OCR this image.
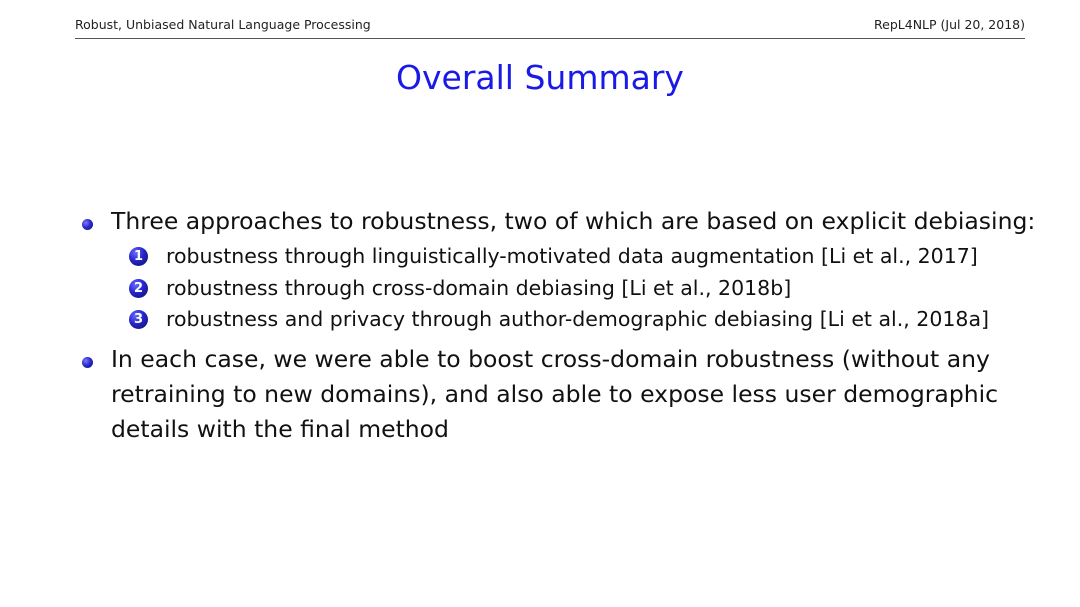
Robust, Unbiased Natural Language Processing	RepL4NLP (Jul 20, 2018)
Overall Summary
Three approaches to robustness, two of which are based on explicit debiasing:
1 robustness through linguistically-motivated data augmentation [Li et al., 2017]
2 robustness through cross-domain debiasing [Li et al., 2018b]
3 robustness and privacy through author-demographic debiasing [Li et al., 2018a]
In each case, we were able to boost cross-domain robustness (without any retraining to new domains), and also able to expose less user demographic details with the final method
